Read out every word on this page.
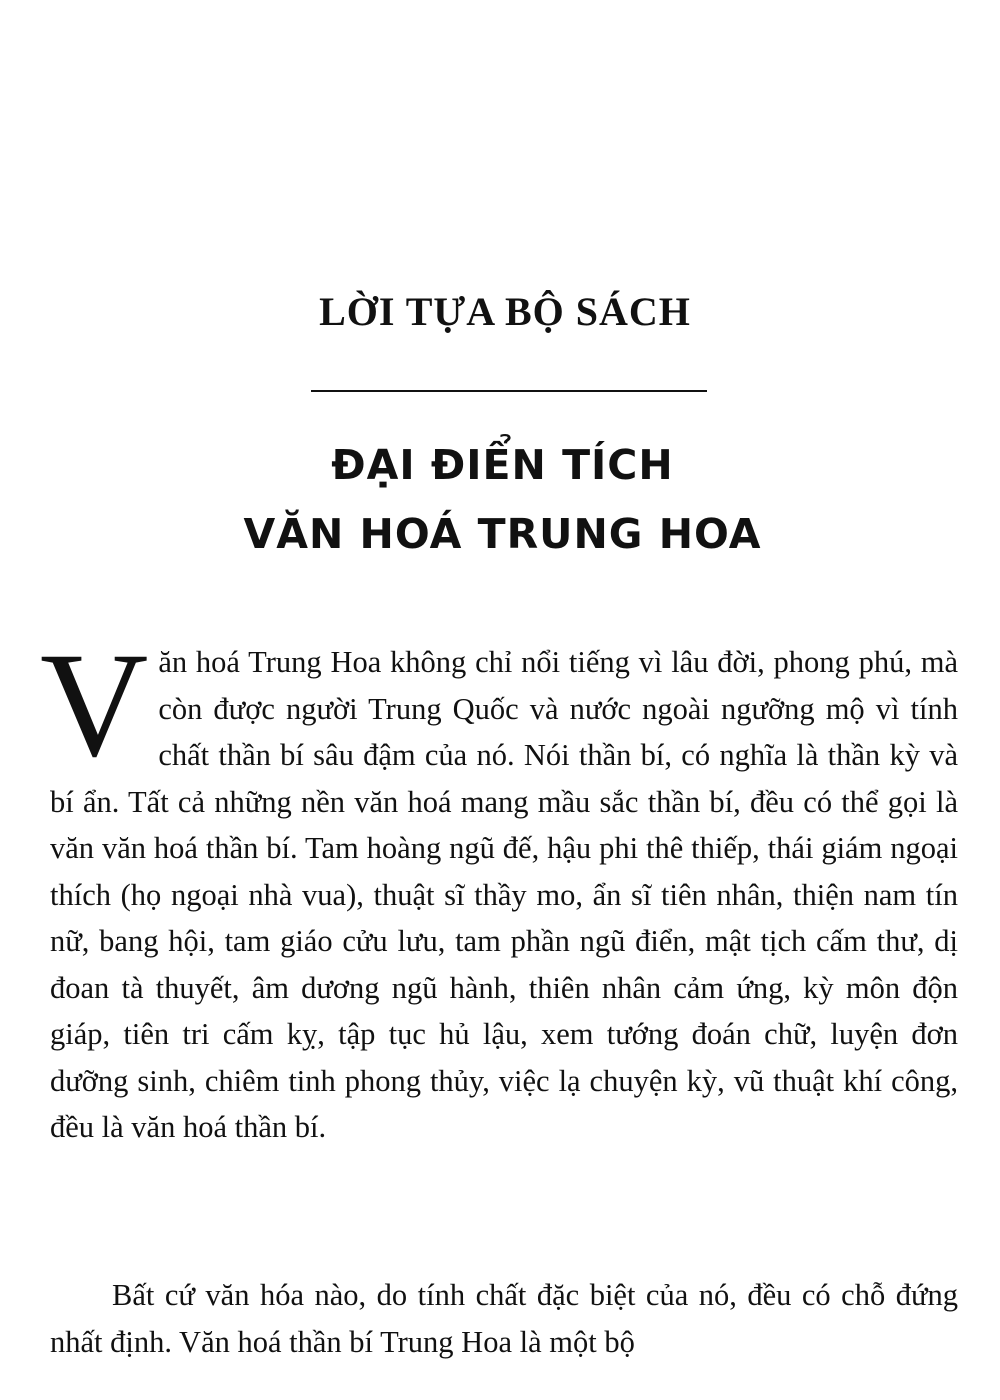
LỜI TỰA BỘ SÁCH
ĐẠI ĐIỂN TÍCH
VĂN HOÁ TRUNG HOA

Văn hoá Trung Hoa không chỉ nổi tiếng vì lâu đời, phong phú, mà còn được người Trung Quốc và nước ngoài ngưỡng mộ vì tính chất thần bí sâu đậm của nó. Nói thần bí, có nghĩa là thần kỳ và bí ẩn. Tất cả những nền văn hoá mang mầu sắc thần bí, đều có thể gọi là văn văn hoá thần bí. Tam hoàng ngũ đế, hậu phi thê thiếp, thái giám ngoại thích (họ ngoại nhà vua), thuật sĩ thầy mo, ẩn sĩ tiên nhân, thiện nam tín nữ, bang hội, tam giáo cửu lưu, tam phần ngũ điển, mật tịch cấm thư, dị đoan tà thuyết, âm dương ngũ hành, thiên nhân cảm ứng, kỳ môn độn giáp, tiên tri cấm kỵ, tập tục hủ lậu, xem tướng đoán chữ, luyện đơn dưỡng sinh, chiêm tinh phong thủy, việc lạ chuyện kỳ, vũ thuật khí công, đều là văn hoá thần bí.

Bất cứ văn hóa nào, do tính chất đặc biệt của nó, đều có chỗ đứng nhất định. Văn hoá thần bí Trung Hoa là một bộ
